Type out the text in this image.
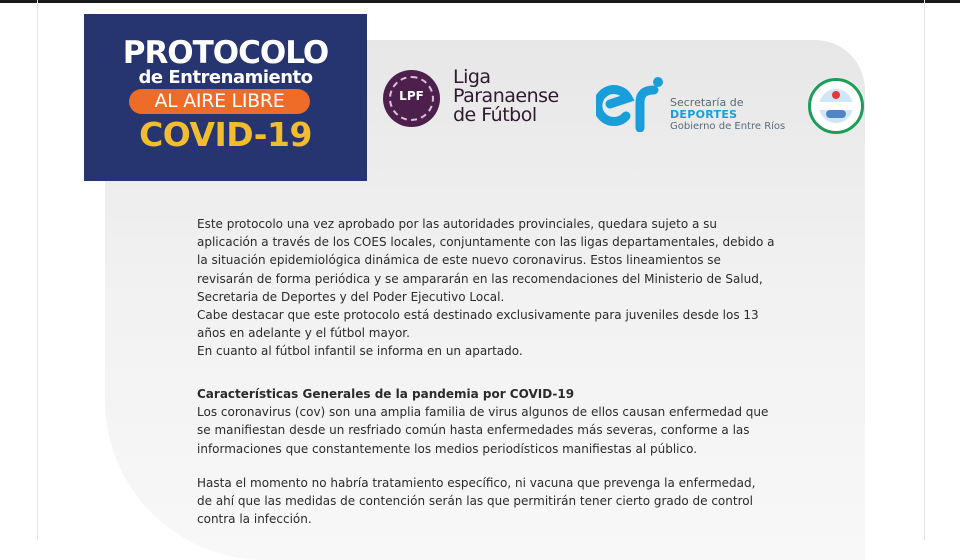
PROTOCOLO
de Entrenamiento
AL AIRE LIBRE
COVID-19
LPF
Liga
Paranaense
de Fútbol
Secretaría de
DEPORTES
Gobierno de Entre Ríos
Este protocolo una vez aprobado por las autoridades provinciales, quedara sujeto a su
aplicación a través de los COES locales, conjuntamente con las ligas departamentales, debido a
la situación epidemiológica dinámica de este nuevo coronavirus. Estos lineamientos se
revisarán de forma periódica y se ampararán en las recomendaciones del Ministerio de Salud,
Secretaria de Deportes y del Poder Ejecutivo Local.
Cabe destacar que este protocolo está destinado exclusivamente para juveniles desde los 13
años en adelante y el fútbol mayor.
En cuanto al fútbol infantil se informa en un apartado.
Características Generales de la pandemia por COVID-19
Los coronavirus (cov) son una amplia familia de virus algunos de ellos causan enfermedad que
se manifiestan desde un resfriado común hasta enfermedades más severas, conforme a las
informaciones que constantemente los medios periodísticos manifiestas al público.
Hasta el momento no habría tratamiento específico, ni vacuna que prevenga la enfermedad,
de ahí que las medidas de contención serán las que permitirán tener cierto grado de control
contra la infección.
